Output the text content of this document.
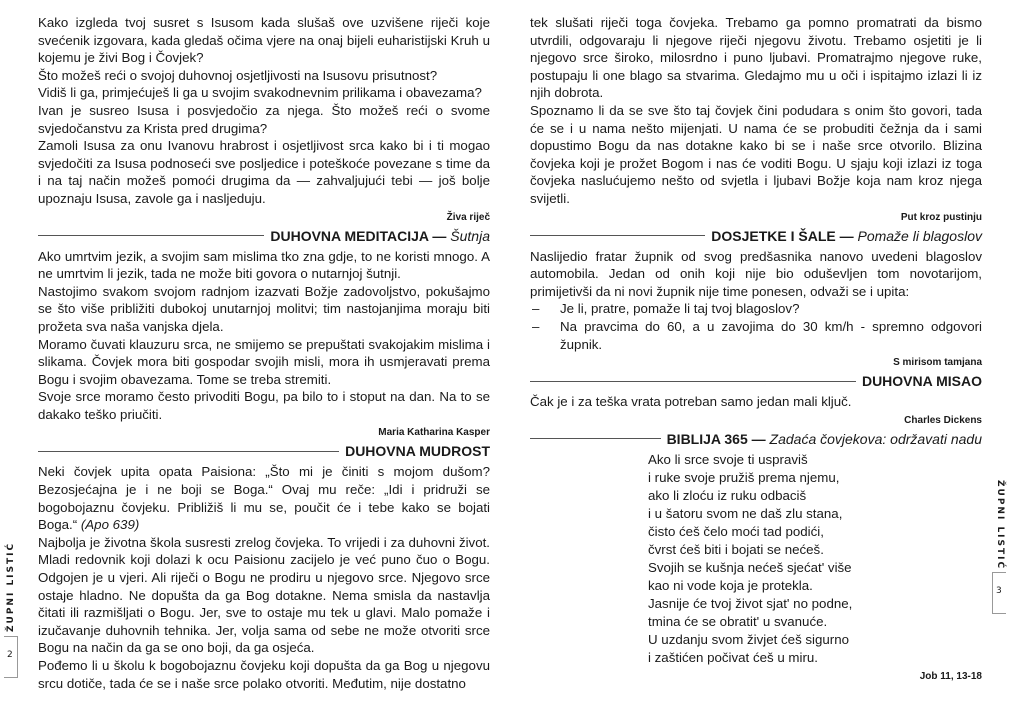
Kako izgleda tvoj susret s Isusom kada slušaš ove uzvišene riječi koje svećenik izgovara, kada gledaš očima vjere na onaj bijeli euharistijski Kruh u kojemu je živi Bog i Čovjek?

Što možeš reći o svojoj duhovnoj osjetljivosti na Isusovu prisutnost?

Vidiš li ga, primjećuješ li ga u svojim svakodnevnim prilikama i obavezama?

Ivan je susreo Isusa i posvjedočio za njega. Što možeš reći o svome svjedočanstvu za Krista pred drugima?

Zamoli Isusa za onu Ivanovu hrabrost i osjetljivost srca kako bi i ti mogao svjedočiti za Isusa podnoseći sve posljedice i poteškoće povezane s time da i na taj način možeš pomoći drugima da — zahvaljujući tebi — još bolje upoznaju Isusa, zavole ga i nasljeduju.

Živa riječ
DUHOVNA MEDITACIJA — Šutnja

Ako umrtvim jezik, a svojim sam mislima tko zna gdje, to ne koristi mnogo. A ne umrtvim li jezik, tada ne može biti govora o nutarnjoj šutnji.

Nastojimo svakom svojom radnjom izazvati Božje zadovoljstvo, pokušajmo se što više približiti dubokoj unutarnjoj molitvi; tim nastojanjima moraju biti prožeta sva naša vanjska djela.

Moramo čuvati klauzuru srca, ne smijemo se prepuštati svakojakim mislima i slikama. Čovjek mora biti gospodar svojih misli, mora ih usmjeravati prema Bogu i svojim obavezama. Tome se treba stremiti.

Svoje srce moramo često privoditi Bogu, pa bilo to i stoput na dan. Na to se dakako teško priučiti.

Maria Katharina Kasper
DUHOVNA MUDROST

Neki čovjek upita opata Paisiona: „Što mi je činiti s mojom dušom? Bezosjećajna je i ne boji se Boga.“ Ovaj mu reče: „Idi i pridruži se bogobojaznu čovjeku. Približiš li mu se, poučit će i tebe kako se bojati Boga.“ (Apo 639)

Najbolja je životna škola susresti zrelog čovjeka. To vrijedi i za duhovni život. Mladi redovnik koji dolazi k ocu Paisionu zacijelo je već puno čuo o Bogu. Odgojen je u vjeri. Ali riječi o Bogu ne prodiru u njegovo srce. Njegovo srce ostaje hladno. Ne dopušta da ga Bog dotakne. Nema smisla da nastavlja čitati ili razmišljati o Bogu. Jer, sve to ostaje mu tek u glavi. Malo pomaže i izučavanje duhovnih tehnika. Jer, volja sama od sebe ne može otvoriti srce Bogu na način da ga se ono boji, da ga osjeća.

Pođemo li u školu k bogobojaznu čovjeku koji dopušta da ga Bog u njegovu srcu dotiče, tada će se i naše srce polako otvoriti. Međutim, nije dostatno

tek slušati riječi toga čovjeka. Trebamo ga pomno promatrati da bismo utvrdili, odgovaraju li njegove riječi njegovu životu. Trebamo osjetiti je li njegovo srce široko, milosrdno i puno ljubavi. Promatrajmo njegove ruke, postupaju li one blago sa stvarima. Gledajmo mu u oči i ispitajmo izlazi li iz njih dobrota.

Spoznamo li da se sve što taj čovjek čini podudara s onim što govori, tada će se i u nama nešto mijenjati. U nama će se probuditi čežnja da i sami dopustimo Bogu da nas dotakne kako bi se i naše srce otvorilo. Blizina čovjeka koji je prožet Bogom i nas će voditi Bogu. U sjaju koji izlazi iz toga čovjeka naslućujemo nešto od svjetla i ljubavi Božje koja nam kroz njega svijetli.

Put kroz pustinju
DOSJETKE I ŠALE — Pomaže li blagoslov

Naslijedio fratar župnik od svog predšasnika nanovo uvedeni blagoslov automobila. Jedan od onih koji nije bio oduševljen tom novotarijom, primijetivši da ni novi župnik nije time ponesen, odvaži se i upita:

– Je li, pratre, pomaže li taj tvoj blagoslov?
– Na pravcima do 60, a u zavojima do 30 km/h - spremno odgovori župnik.
S mirisom tamjana
DUHOVNA MISAO

Čak je i za teška vrata potreban samo jedan mali ključ.

Charles Dickens
BIBLIJA 365 — Zadaća čovjekova: održavati nadu
Ako li srce svoje ti uspraviš
i ruke svoje pružiš prema njemu,
ako li zloću iz ruku odbaciš
i u šatoru svom ne daš zlu stana,
čisto ćeš čelo moći tad podići,
čvrst ćeš biti i bojati se nećeš.
Svojih se kušnja nećeš sjećat' više
kao ni vode koja je protekla.
Jasnije će tvoj život sjat' no podne,
tmina će se obratit' u svanuće.
U uzdanju svom živjet ćeš sigurno
i zaštićen počivat ćeš u miru.
Job 11, 13-18
ŽUPNI LISTIĆ
2
ŽUPNI LISTIĆ
3
